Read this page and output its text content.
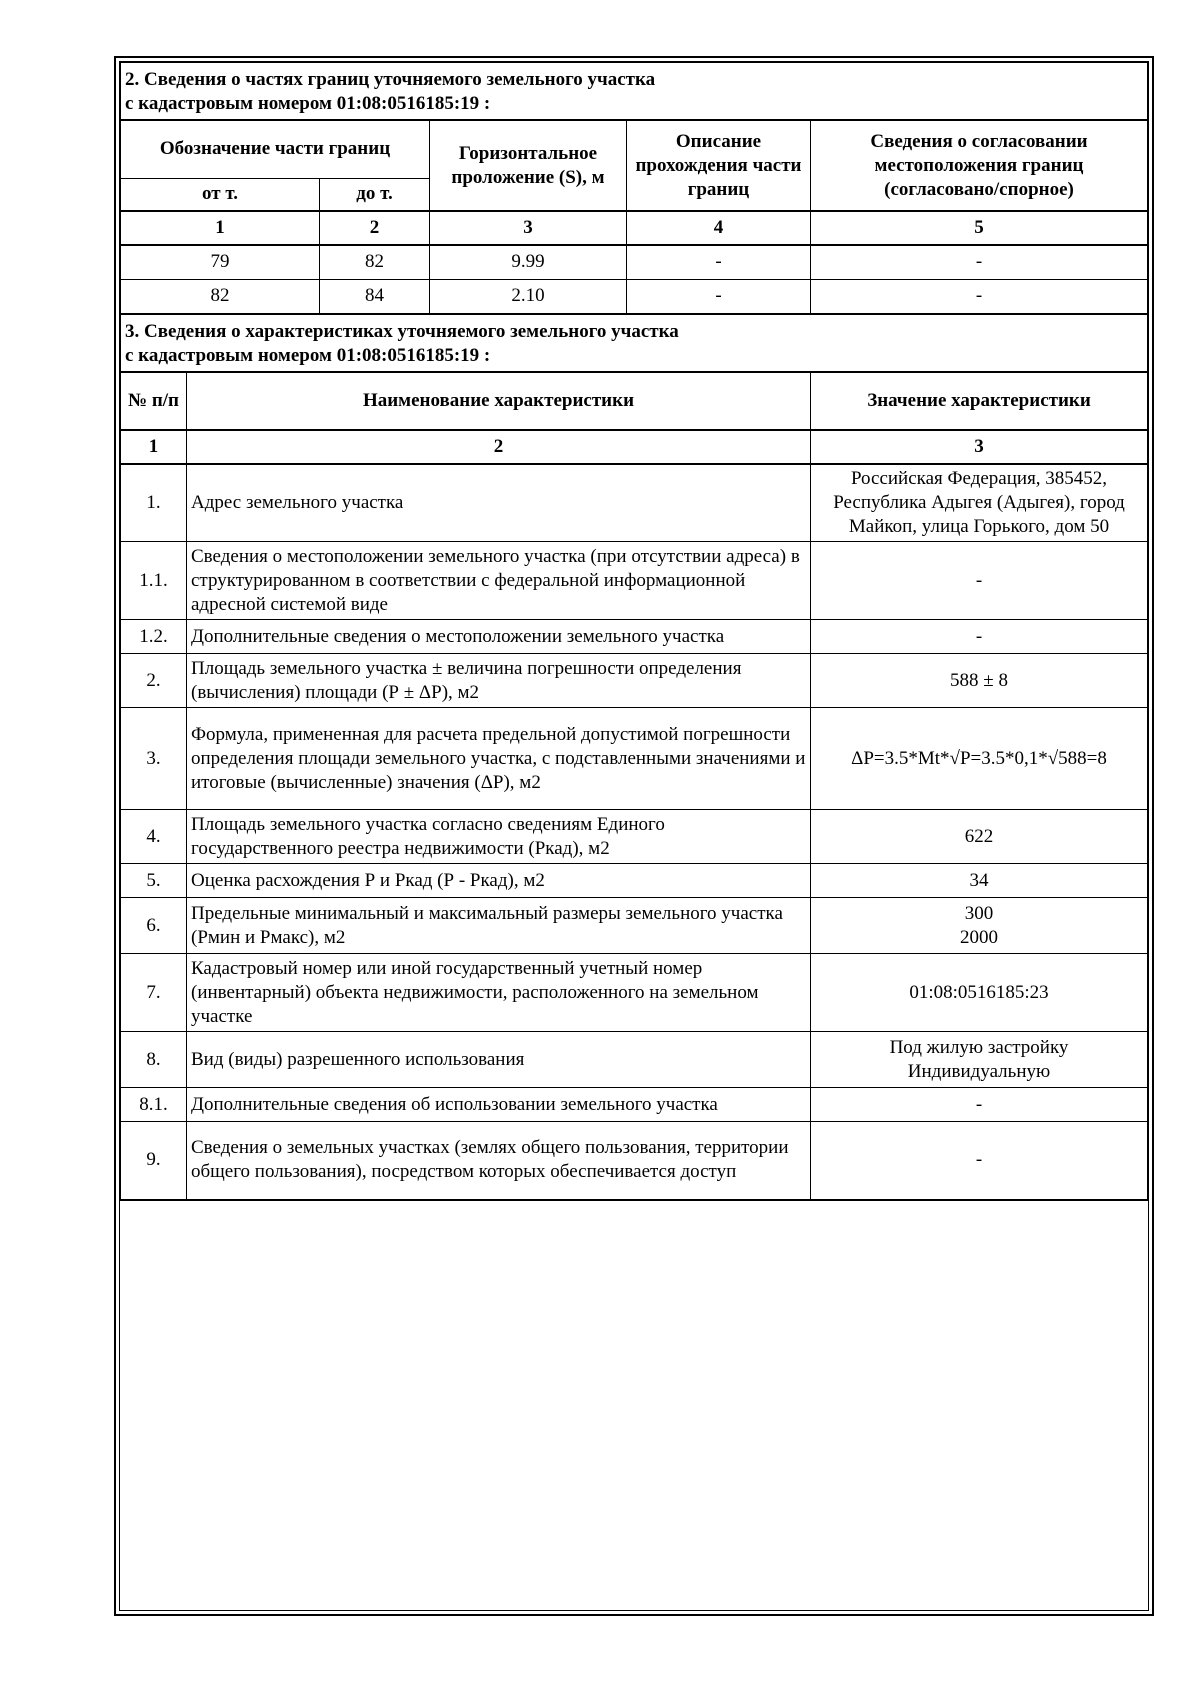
2. Сведения о частях границ уточняемого земельного участка
с кадастровым номером 01:08:0516185:19 :				

Обозначение части границ		Горизонтальное проложение (S), м	Описание прохождения части границ	Сведения о согласовании местоположения границ (согласовано/спорное)
от т.	до т.			
1	2	3	4	5
79	82	9.99	-	-
82	84	2.10	-	-
3. Сведения о характеристиках уточняемого земельного участка
с кадастровым номером 01:08:0516185:19 :		

№ п/п	Наименование характеристики	Значение характеристики
1	2	3
1.	Адрес земельного участка	Российская Федерация, 385452, Республика Адыгея (Адыгея), город Майкоп, улица Горького, дом 50
1.1.	Сведения о местоположении земельного участка (при отсутствии адреса) в структурированном в соответствии с федеральной информационной адресной системой виде	-
1.2.	Дополнительные сведения о местоположении земельного участка	-
2.	Площадь земельного участка ± величина погрешности определения (вычисления) площади (Р ± ΔР), м2	588 ± 8
3.	Формула, примененная для расчета предельной допустимой погрешности определения площади земельного участка, с подставленными значениями и итоговые (вычисленные) значения (ΔР), м2	ΔP=3.5*Mt*√P=3.5*0,1*√588=8
4.	Площадь земельного участка согласно сведениям Единого государственного реестра недвижимости (Ркад), м2	622
5.	Оценка расхождения Р и Ркад (Р - Ркад), м2	34
6.	Предельные минимальный и максимальный размеры земельного участка (Рмин и Рмакс), м2	300
2000

7.	Кадастровый номер или иной государственный учетный номер (инвентарный) объекта недвижимости, расположенного на земельном участке	01:08:0516185:23
8.	Вид (виды) разрешенного использования	Под жилую застройку
Индивидуальную

8.1.	Дополнительные сведения об использовании земельного участка	-
9.	Сведения о земельных участках (землях общего пользования, территории общего пользования), посредством которых обеспечивается доступ	-
